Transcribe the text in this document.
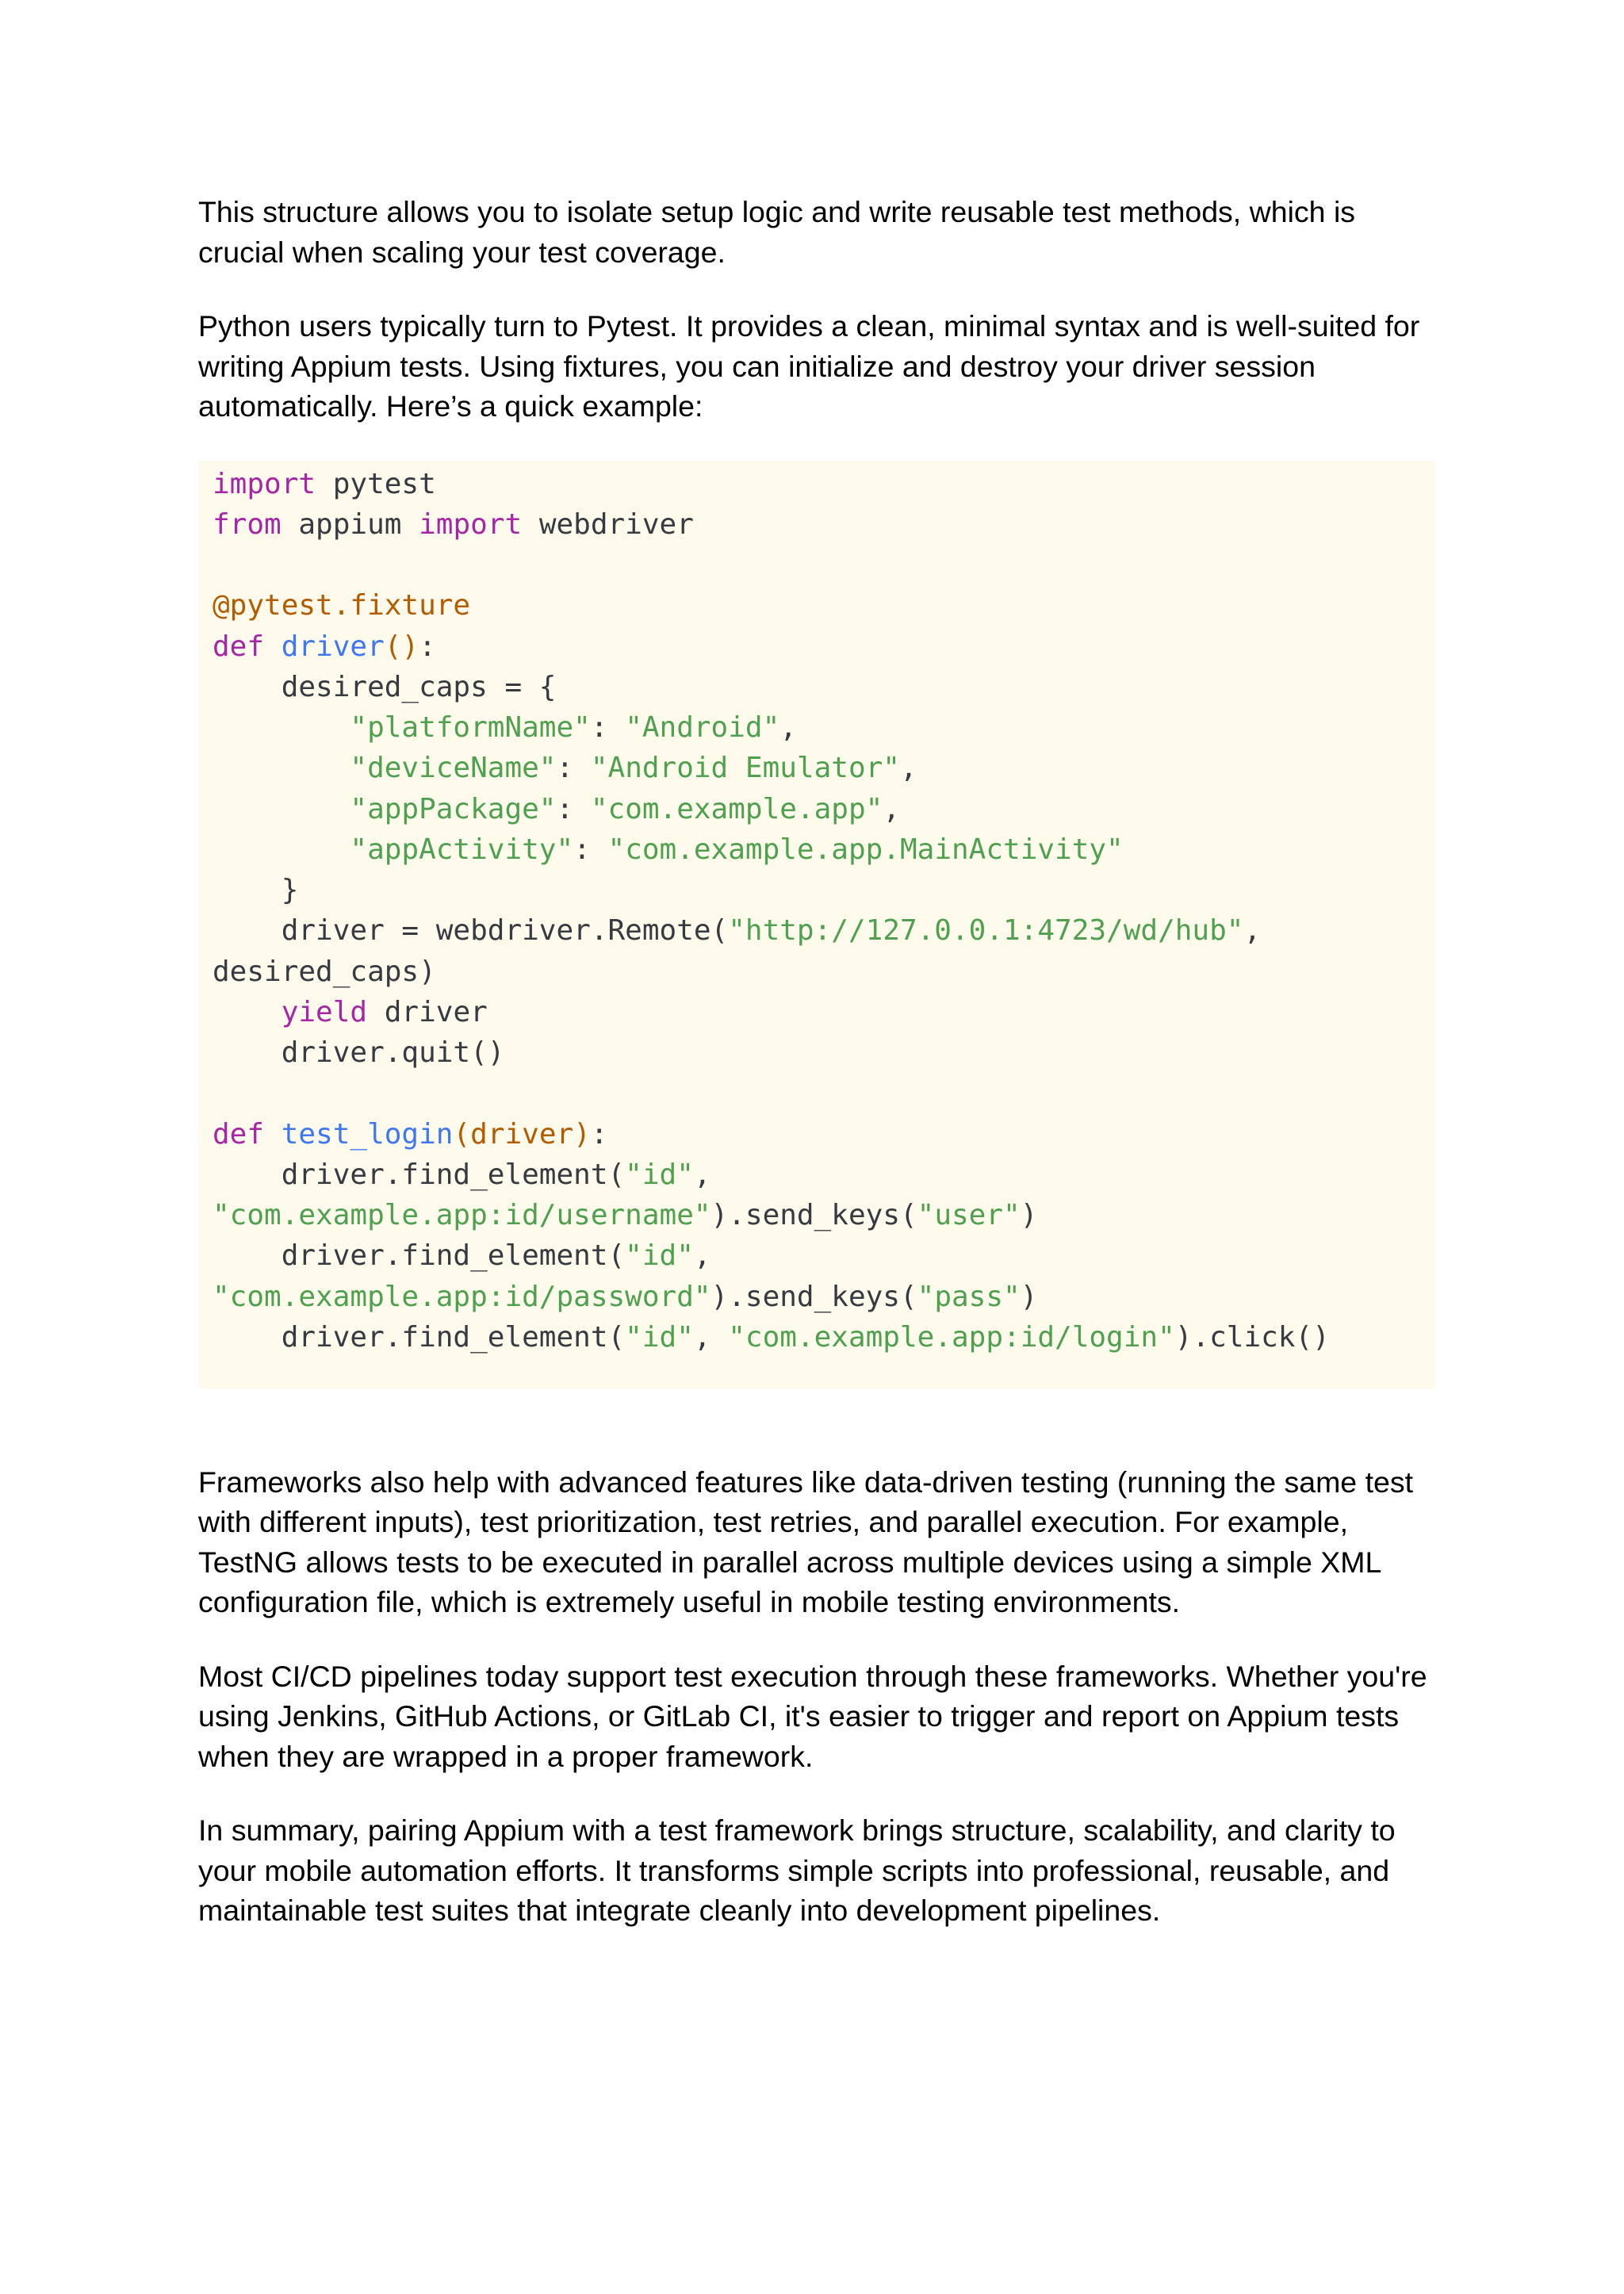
This structure allows you to isolate setup logic and write reusable test methods, which is crucial when scaling your test coverage.

Python users typically turn to Pytest. It provides a clean, minimal syntax and is well-suited for writing Appium tests. Using fixtures, you can initialize and destroy your driver session automatically. Here’s a quick example:

import pytest
from appium import webdriver
@pytest.fixture
def driver():
desired_caps = {
"platformName": "Android",
"deviceName": "Android Emulator",
"appPackage": "com.example.app",
"appActivity": "com.example.app.MainActivity"
}
driver = webdriver.Remote("http://127.0.0.1:4723/wd/hub",
desired_caps)
yield driver
driver.quit()
def test_login(driver):
driver.find_element("id",
"com.example.app:id/username").send_keys("user")
driver.find_element("id",
"com.example.app:id/password").send_keys("pass")
driver.find_element("id", "com.example.app:id/login").click()

Frameworks also help with advanced features like data-driven testing (running the same test with different inputs), test prioritization, test retries, and parallel execution. For example, TestNG allows tests to be executed in parallel across multiple devices using a simple XML configuration file, which is extremely useful in mobile testing environments.

Most CI/CD pipelines today support test execution through these frameworks. Whether you're using Jenkins, GitHub Actions, or GitLab CI, it's easier to trigger and report on Appium tests when they are wrapped in a proper framework.

In summary, pairing Appium with a test framework brings structure, scalability, and clarity to your mobile automation efforts. It transforms simple scripts into professional, reusable, and maintainable test suites that integrate cleanly into development pipelines.
